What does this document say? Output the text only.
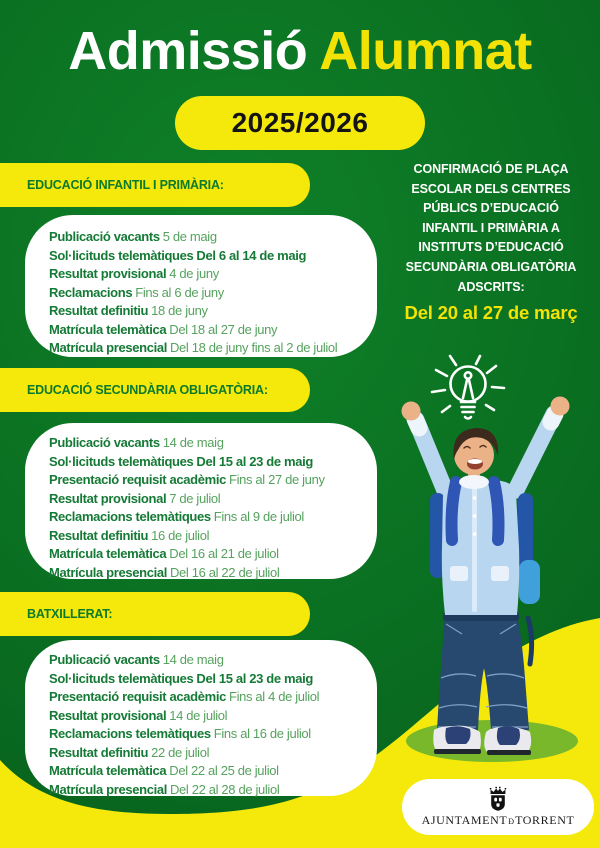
Admissió Alumnat
2025/2026
EDUCACIÓ INFANTIL I PRIMÀRIA:
Publicació vacants 5 de maig
Sol·licituds telemàtiques Del 6 al 14 de maig
Resultat provisional 4 de juny
Reclamacions Fins al 6 de juny
Resultat definitiu 18 de juny
Matrícula telemàtica Del 18 al 27 de juny
Matrícula presencial Del 18 de juny fins al 2 de juliol
EDUCACIÓ SECUNDÀRIA OBLIGATÒRIA:
Publicació vacants 14 de maig
Sol·licituds telemàtiques Del 15 al 23 de maig
Presentació requisit acadèmic Fins al 27 de juny
Resultat provisional 7 de juliol
Reclamacions telemàtiques Fins al 9 de juliol
Resultat definitiu 16 de juliol
Matrícula telemàtica Del 16 al 21 de juliol
Matrícula presencial Del 16 al 22 de juliol
BATXILLERAT:
Publicació vacants 14 de maig
Sol·licituds telemàtiques Del 15 al 23 de maig
Presentació requisit acadèmic Fins al 4 de juliol
Resultat provisional 14 de juliol
Reclamacions telemàtiques Fins al 16 de juliol
Resultat definitiu 22 de juliol
Matrícula telemàtica Del 22 al 25 de juliol
Matrícula presencial Del 22 al 28 de juliol
CONFIRMACIÓ DE PLAÇA
ESCOLAR DELS CENTRES
PÚBLICS D’EDUCACIÓ
INFANTIL I PRIMÀRIA A
INSTITUTS D’EDUCACIÓ
SECUNDÀRIA OBLIGATÒRIA
ADSCRITS:
Del 20 al 27 de març
AJUNTAMENT Đ TORRENT
